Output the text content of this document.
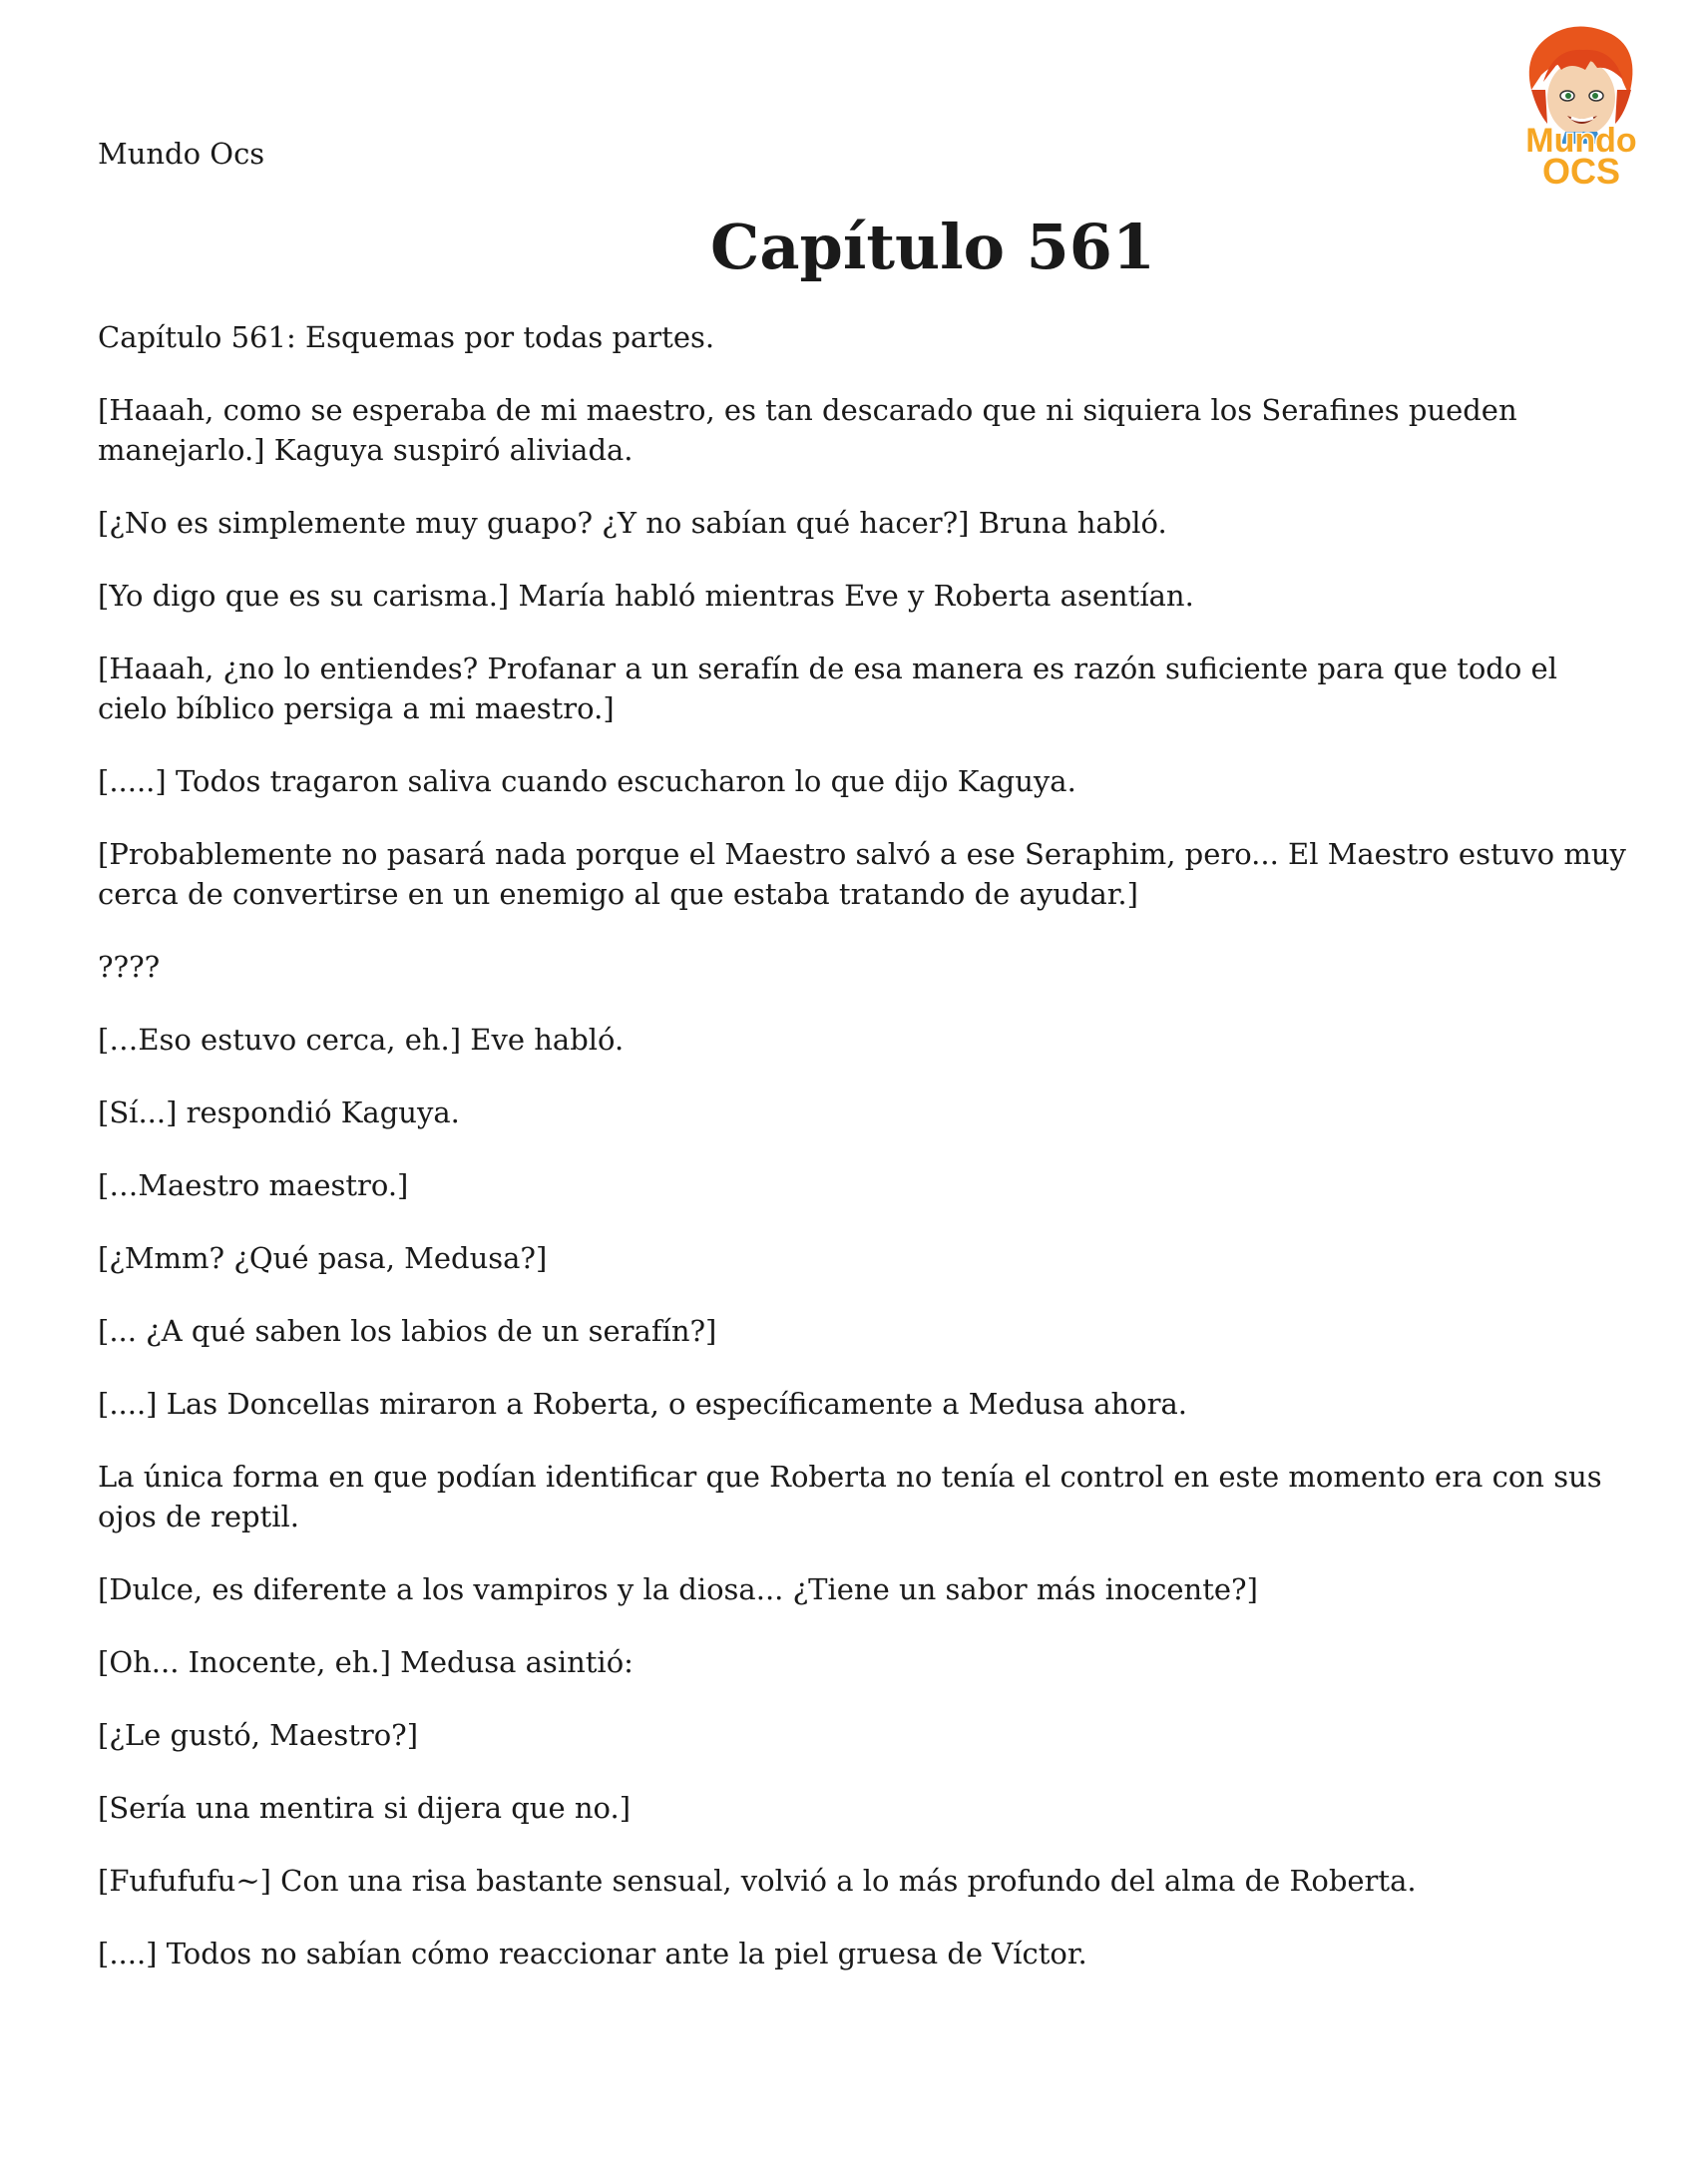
Mundo Ocs	Mundo
OCS
Capítulo 561

Capítulo 561: Esquemas por todas partes.

[Haaah, como se esperaba de mi maestro, es tan descarado que ni siquiera los Serafines pueden manejarlo.] Kaguya suspiró aliviada.

[¿No es simplemente muy guapo? ¿Y no sabían qué hacer?] Bruna habló.

[Yo digo que es su carisma.] María habló mientras Eve y Roberta asentían.

[Haaah, ¿no lo entiendes? Profanar a un serafín de esa manera es razón suficiente para que todo el cielo bíblico persiga a mi maestro.]

[.....] Todos tragaron saliva cuando escucharon lo que dijo Kaguya.

[Probablemente no pasará nada porque el Maestro salvó a ese Seraphim, pero... El Maestro estuvo muy cerca de convertirse en un enemigo al que estaba tratando de ayudar.]

????

[…Eso estuvo cerca, eh.] Eve habló.

[Sí...] respondió Kaguya.

[…Maestro maestro.]

[¿Mmm? ¿Qué pasa, Medusa?]

[... ¿A qué saben los labios de un serafín?]

[....] Las Doncellas miraron a Roberta, o específicamente a Medusa ahora.

La única forma en que podían identificar que Roberta no tenía el control en este momento era con sus ojos de reptil.

[Dulce, es diferente a los vampiros y la diosa... ¿Tiene un sabor más inocente?]

[Oh... Inocente, eh.] Medusa asintió:

[¿Le gustó, Maestro?]

[Sería una mentira si dijera que no.]

[Fufufufu~] Con una risa bastante sensual, volvió a lo más profundo del alma de Roberta.

[....] Todos no sabían cómo reaccionar ante la piel gruesa de Víctor.
